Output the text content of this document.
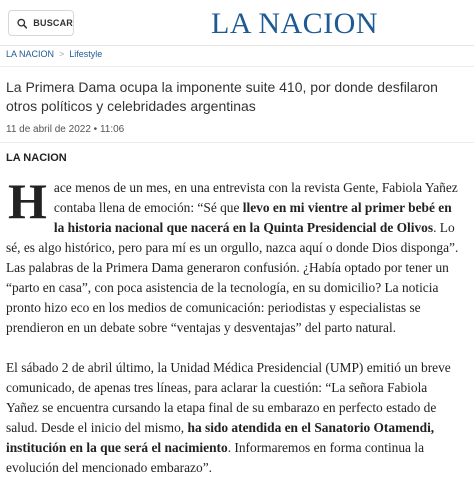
BUSCAR	LA NACION
LA NACION > Lifestyle
La Primera Dama ocupa la imponente suite 410, por donde desfilaron otros políticos y celebridades argentinas
11 de abril de 2022 • 11:06
LA NACION

Hace menos de un mes, en una entrevista con la revista Gente, Fabiola Yañez contaba llena de emoción: “Sé que llevo en mi vientre al primer bebé en la historia nacional que nacerá en la Quinta Presidencial de Olivos. Lo sé, es algo histórico, pero para mí es un orgullo, nazca aquí o donde Dios disponga”. Las palabras de la Primera Dama generaron confusión. ¿Había optado por tener un “parto en casa”, con poca asistencia de la tecnología, en su domicilio? La noticia pronto hizo eco en los medios de comunicación: periodistas y especialistas se prendieron en un debate sobre “ventajas y desventajas” del parto natural.

El sábado 2 de abril último, la Unidad Médica Presidencial (UMP) emitió un breve comunicado, de apenas tres líneas, para aclarar la cuestión: “La señora Fabiola Yañez se encuentra cursando la etapa final de su embarazo en perfecto estado de salud. Desde el inicio del mismo, ha sido atendida en el Sanatorio Otamendi, institución en la que será el nacimiento. Informaremos en forma continua la evolución del mencionado embarazo”.
